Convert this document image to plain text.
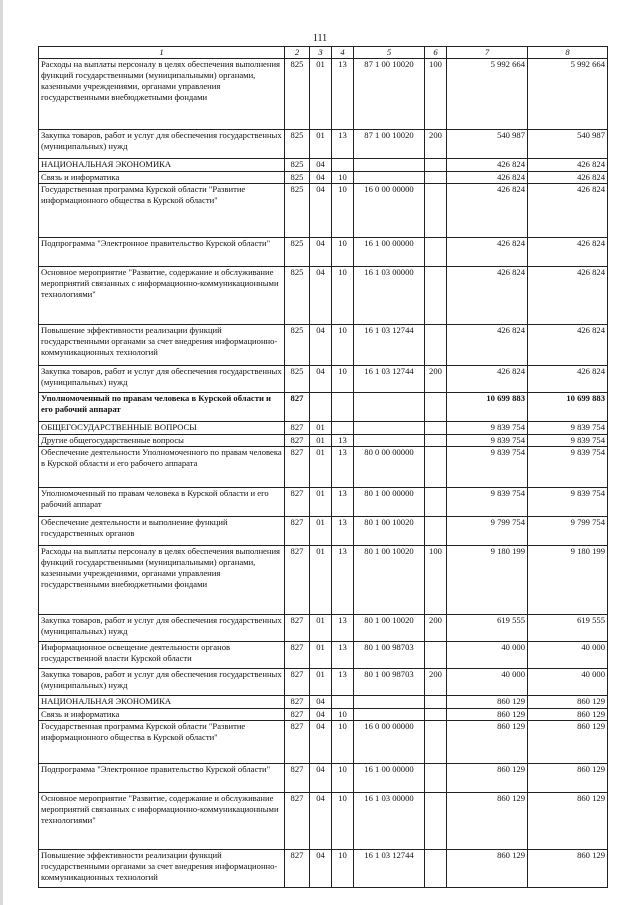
111
1	2	3	4	5	6	7	8
Расходы на выплаты персоналу в целях обеспечения выполнения функций государственными (муниципальными) органами, казенными учреждениями, органами управления государственными внебюджетными фондами	825	01	13	87 1 00 10020	100	5 992 664	5 992 664
Закупка товаров, работ и услуг для обеспечения государственных (муниципальных) нужд	825	01	13	87 1 00 10020	200	540 987	540 987
НАЦИОНАЛЬНАЯ ЭКОНОМИКА	825	04				426 824	426 824
Связь и информатика	825	04	10			426 824	426 824
Государственная программа Курской области "Развитие информационного общества в Курской области"	825	04	10	16 0 00 00000		426 824	426 824
Подпрограмма "Электронное правительство Курской области"	825	04	10	16 1 00 00000		426 824	426 824
Основное мероприятие "Развитие, содержание и обслуживание мероприятий связанных с информационно-коммуникационными технологиями"	825	04	10	16 1 03 00000		426 824	426 824
Повышение эффективности реализации функций государственными органами за счет внедрения информационно-коммуникационных технологий	825	04	10	16 1 03 12744		426 824	426 824
Закупка товаров, работ и услуг для обеспечения государственных (муниципальных) нужд	825	04	10	16 1 03 12744	200	426 824	426 824
Уполномоченный по правам человека в Курской области и его рабочий аппарат	827					10 699 883	10 699 883
ОБЩЕГОСУДАРСТВЕННЫЕ ВОПРОСЫ	827	01				9 839 754	9 839 754
Другие общегосударственные вопросы	827	01	13			9 839 754	9 839 754
Обеспечение деятельности Уполномоченного по правам человека в Курской области и его рабочего аппарата	827	01	13	80 0 00 00000		9 839 754	9 839 754
Уполномоченный по правам человека в Курской области и его рабочий аппарат	827	01	13	80 1 00 00000		9 839 754	9 839 754
Обеспечение деятельности и выполнение функций государственных органов	827	01	13	80 1 00 10020		9 799 754	9 799 754
Расходы на выплаты персоналу в целях обеспечения выполнения функций государственными (муниципальными) органами, казенными учреждениями, органами управления государственными внебюджетными фондами	827	01	13	80 1 00 10020	100	9 180 199	9 180 199
Закупка товаров, работ и услуг для обеспечения государственных (муниципальных) нужд	827	01	13	80 1 00 10020	200	619 555	619 555
Информационное освещение деятельности органов государственной власти Курской области	827	01	13	80 1 00 98703		40 000	40 000
Закупка товаров, работ и услуг для обеспечения государственных (муниципальных) нужд	827	01	13	80 1 00 98703	200	40 000	40 000
НАЦИОНАЛЬНАЯ ЭКОНОМИКА	827	04				860 129	860 129
Связь и информатика	827	04	10			860 129	860 129
Государственная программа Курской области "Развитие информационного общества в Курской области"	827	04	10	16 0 00 00000		860 129	860 129
Подпрограмма "Электронное правительство Курской области"	827	04	10	16 1 00 00000		860 129	860 129
Основное мероприятие "Развитие, содержание и обслуживание мероприятий связанных с информационно-коммуникационными технологиями"	827	04	10	16 1 03 00000		860 129	860 129
Повышение эффективности реализации функций государственными органами за счет внедрения информационно-коммуникационных технологий	827	04	10	16 1 03 12744		860 129	860 129
